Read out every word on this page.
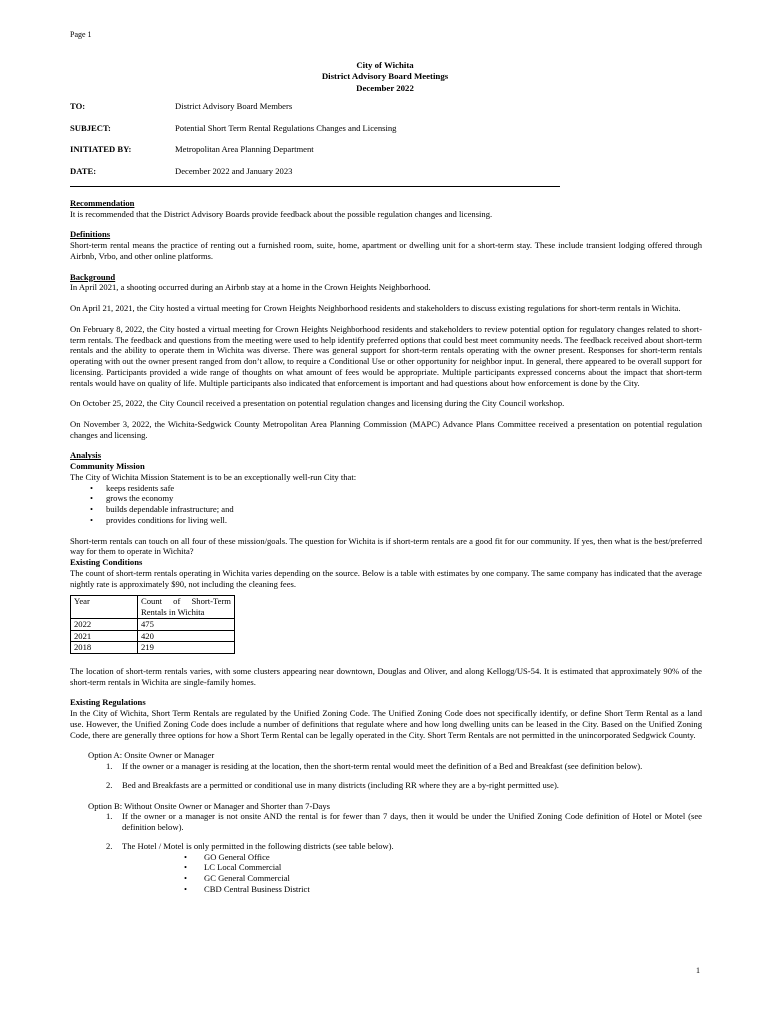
Page 1
City of Wichita
District Advisory Board Meetings
December 2022
TO:	District Advisory Board Members
SUBJECT:	Potential Short Term Rental Regulations Changes and Licensing
INITIATED BY:	Metropolitan Area Planning Department
DATE:	December 2022 and January 2023
Recommendation

It is recommended that the District Advisory Boards provide feedback about the possible regulation changes and licensing.

Definitions

Short-term rental means the practice of renting out a furnished room, suite, home, apartment or dwelling unit for a short-term stay. These include transient lodging offered through Airbnb, Vrbo, and other online platforms.

Background

In April 2021, a shooting occurred during an Airbnb stay at a home in the Crown Heights Neighborhood.

On April 21, 2021, the City hosted a virtual meeting for Crown Heights Neighborhood residents and stakeholders to discuss existing regulations for short-term rentals in Wichita.

On February 8, 2022, the City hosted a virtual meeting for Crown Heights Neighborhood residents and stakeholders to review potential option for regulatory changes related to short-term rentals. The feedback and questions from the meeting were used to help identify preferred options that could best meet community needs. The feedback received about short-term rentals and the ability to operate them in Wichita was diverse. There was general support for short-term rentals operating with the owner present. Responses for short-term rentals operating with out the owner present ranged from don’t allow, to require a Conditional Use or other opportunity for neighbor input. In general, there appeared to be overall support for licensing. Participants provided a wide range of thoughts on what amount of fees would be appropriate. Multiple participants expressed concerns about the impact that short-term rentals would have on quality of life. Multiple participants also indicated that enforcement is important and had questions about how enforcement is done by the City.

On October 25, 2022, the City Council received a presentation on potential regulation changes and licensing during the City Council workshop.

On November 3, 2022, the Wichita-Sedgwick County Metropolitan Area Planning Commission (MAPC) Advance Plans Committee received a presentation on potential regulation changes and licensing.

Analysis
Community Mission

The City of Wichita Mission Statement is to be an exceptionally well-run City that:

• keeps residents safe
• grows the economy
• builds dependable infrastructure; and
• provides conditions for living well.

Short-term rentals can touch on all four of these mission/goals. The question for Wichita is if short-term rentals are a good fit for our community. If yes, then what is the best/preferred way for them to operate in Wichita?

Existing Conditions

The count of short-term rentals operating in Wichita varies depending on the source. Below is a table with estimates by one company. The same company has indicated that the average nightly rate is approximately $90, not including the cleaning fees.

Year	Count of Short-Term Rentals in Wichita
2022	475
2021	420
2018	219

The location of short-term rentals varies, with some clusters appearing near downtown, Douglas and Oliver, and along Kellogg/US-54. It is estimated that approximately 90% of the short-term rentals in Wichita are single-family homes.

Existing Regulations

In the City of Wichita, Short Term Rentals are regulated by the Unified Zoning Code. The Unified Zoning Code does not specifically identify, or define Short Term Rental as a land use. However, the Unified Zoning Code does include a number of definitions that regulate where and how long dwelling units can be leased in the City. Based on the Unified Zoning Code, there are generally three options for how a Short Term Rental can be legally operated in the City. Short Term Rentals are not permitted in the unincorporated Sedgwick County.

Option A: Onsite Owner or Manager
1. If the owner or a manager is residing at the location, then the short-term rental would meet the definition of a Bed and Breakfast (see definition below).
2. Bed and Breakfasts are a permitted or conditional use in many districts (including RR where they are a by-right permitted use).
Option B: Without Onsite Owner or Manager and Shorter than 7-Days
1. If the owner or a manager is not onsite AND the rental is for fewer than 7 days, then it would be under the Unified Zoning Code definition of Hotel or Motel (see definition below).
2. The Hotel / Motel is only permitted in the following districts (see table below).
• GO General Office
• LC Local Commercial
• GC General Commercial
• CBD Central Business District
1
